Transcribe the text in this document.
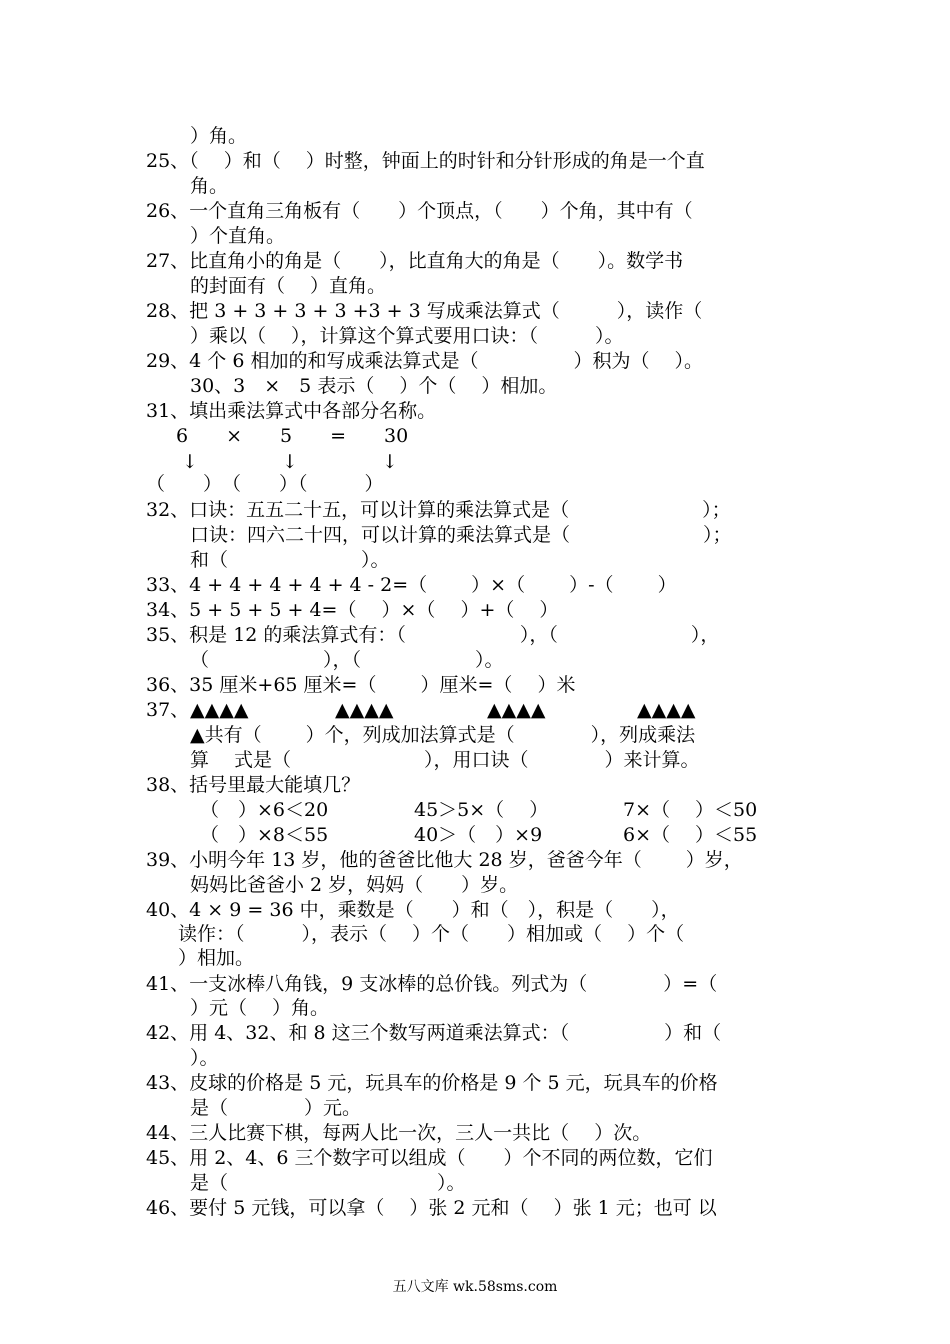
）角。
25、（　 ）和（　 ）时整，钟面上的时针和分针形成的角是一个直
角。
26、一个直角三角板有（　　）个顶点，（　　）个角，其中有（
）个直角。
27、比直角小的角是（　　），比直角大的角是（　　）。数学书
的封面有（　 ）直角。
28、把 3 + 3 + 3 + 3 +3 + 3 写成乘法算式（　　　），读作（
）乘以（　 ），计算这个算式要用口诀：（　　　）。
29、4 个 6 相加的和写成乘法算式是（　　　　　）积为（　 ）。
30、3　×　5 表示（　 ）个（　 ）相加。
31、填出乘法算式中各部分名称。
6　　×　　5　　=　　30
↓	↓	↓
（　　）　（　　）（　　　）
32、口诀：五五二十五，可以计算的乘法算式是（　　　　　　　）；
口诀：四六二十四，可以计算的乘法算式是（　　　　　　　）；
和（　　　　　　　）。
33、4 + 4 + 4 + 4 + 4 - 2=（　　 ）×（　　 ）-（　　 ）
34、5 + 5 + 5 + 4=（　 ）×（　 ）+（　 ）
35、积是 12 的乘法算式有：（　　　　　　），（　　　　　　　），
（　　　　　　），（　　　　　　）。
36、35 厘米+65 厘米=（　　 ）厘米=（　 ）米
37、 ▲▲▲▲	▲▲▲▲	▲▲▲▲	▲▲▲▲
▲共有（　　 ）个，列成加法算式是（　　　　），列成乘法
算　 式是（　　　　　　　），用口诀（　　　　）来计算。
38、括号里最大能填几？
（　）×6＜20	45＞5×（　 ）	7×（　 ）＜50
（　）×8＜55	40＞（　）×9	6×（　 ）＜55
39、小明今年 13 岁，他的爸爸比他大 28 岁，爸爸今年（　　 ）岁，
妈妈比爸爸小 2 岁，妈妈（　　）岁。
40、4 × 9 = 36 中，乘数是（　　）和（　），积是（　　），
读作：（　　　），表示（　 ）个（　　）相加或（　 ）个（
）相加。
41、一支冰棒八角钱，9 支冰棒的总价钱。列式为（　　　　）=（
）元（　 ）角。
42、用 4、32、和 8 这三个数写两道乘法算式：（　　　　　）和（
）。
43、皮球的价格是 5 元，玩具车的价格是 9 个 5 元，玩具车的价格
是（　　　　）元。
44、三人比赛下棋，每两人比一次，三人一共比（　 ）次。
45、用 2、4、6 三个数字可以组成（　　）个不同的两位数，它们
是（　　　　　　　　　　　）。
46、要付 5 元钱，可以拿（　 ）张 2 元和（　 ）张 1 元；也可 以
五八文库 wk.58sms.com
